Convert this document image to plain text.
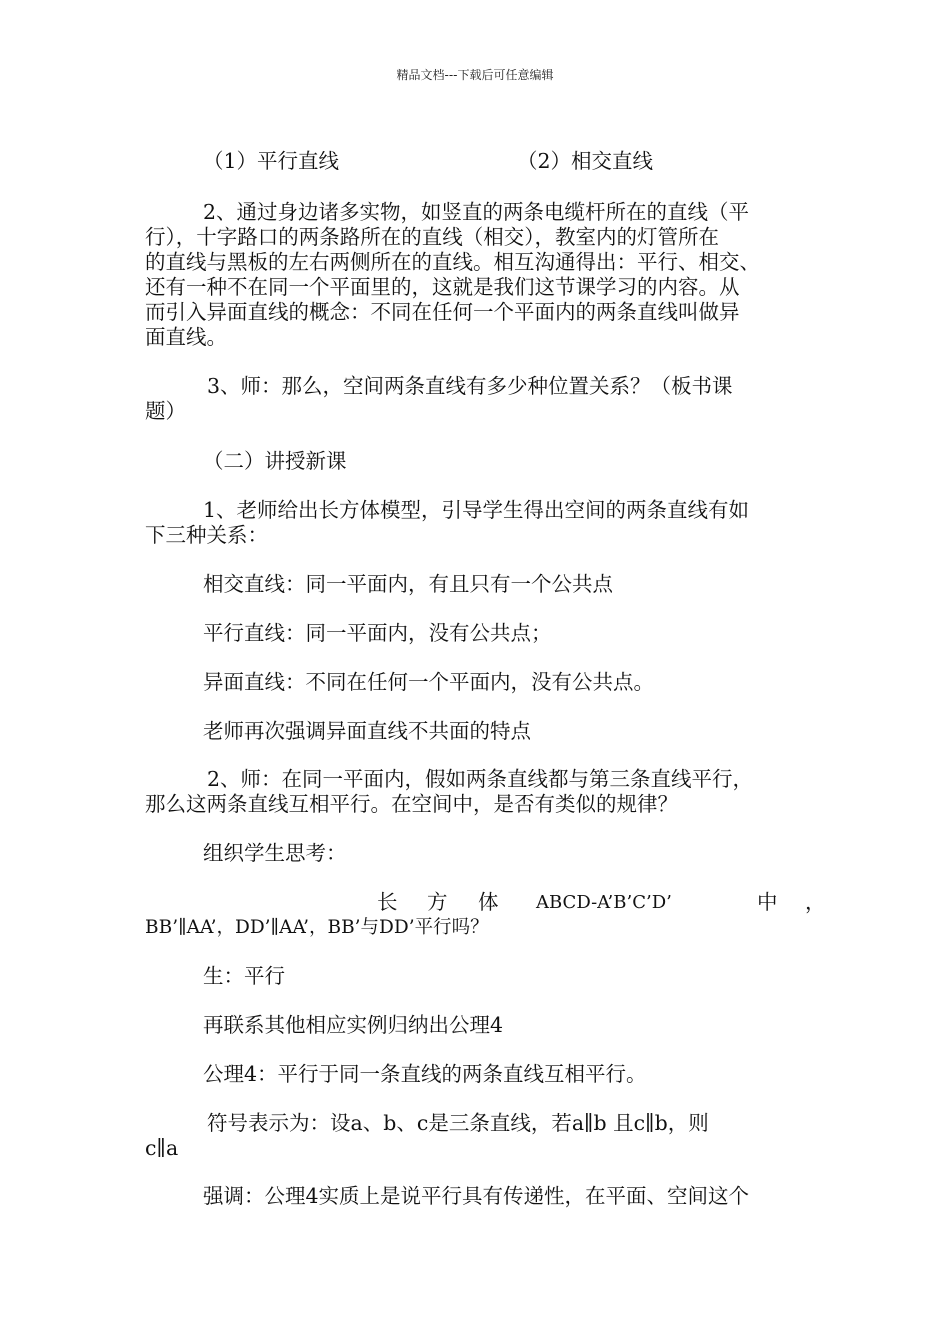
精品文档---下载后可任意编辑
（1）平行直线	（2）相交直线
2、通过身边诸多实物，如竖直的两条电缆杆所在的直线（平
行），十字路口的两条路所在的直线（相交），教室内的灯管所在
的直线与黑板的左右两侧所在的直线。相互沟通得出：平行、相交、
还有一种不在同一个平面里的，这就是我们这节课学习的内容。从
而引入异面直线的概念：不同在任何一个平面内的两条直线叫做异
面直线。
3、师：那么，空间两条直线有多少种位置关系？（板书课
题）
（二）讲授新课
1、老师给出长方体模型，引导学生得出空间的两条直线有如
下三种关系：
相交直线：同一平面内，有且只有一个公共点
平行直线：同一平面内，没有公共点；
异面直线：不同在任何一个平面内，没有公共点。
老师再次强调异面直线不共面的特点
2、师：在同一平面内，假如两条直线都与第三条直线平行，
那么这两条直线互相平行。在空间中，是否有类似的规律？
组织学生思考：
长 方 体 ABCD-A’B’C’D’	中 ，
BB’∥AA’，DD’∥AA’，BB’与DD’平行吗？
生：平行
再联系其他相应实例归纳出公理4
公理4：平行于同一条直线的两条直线互相平行。
符号表示为：设a、b、c是三条直线，若a∥b 且c∥b，则
c∥a
强调：公理4实质上是说平行具有传递性，在平面、空间这个
